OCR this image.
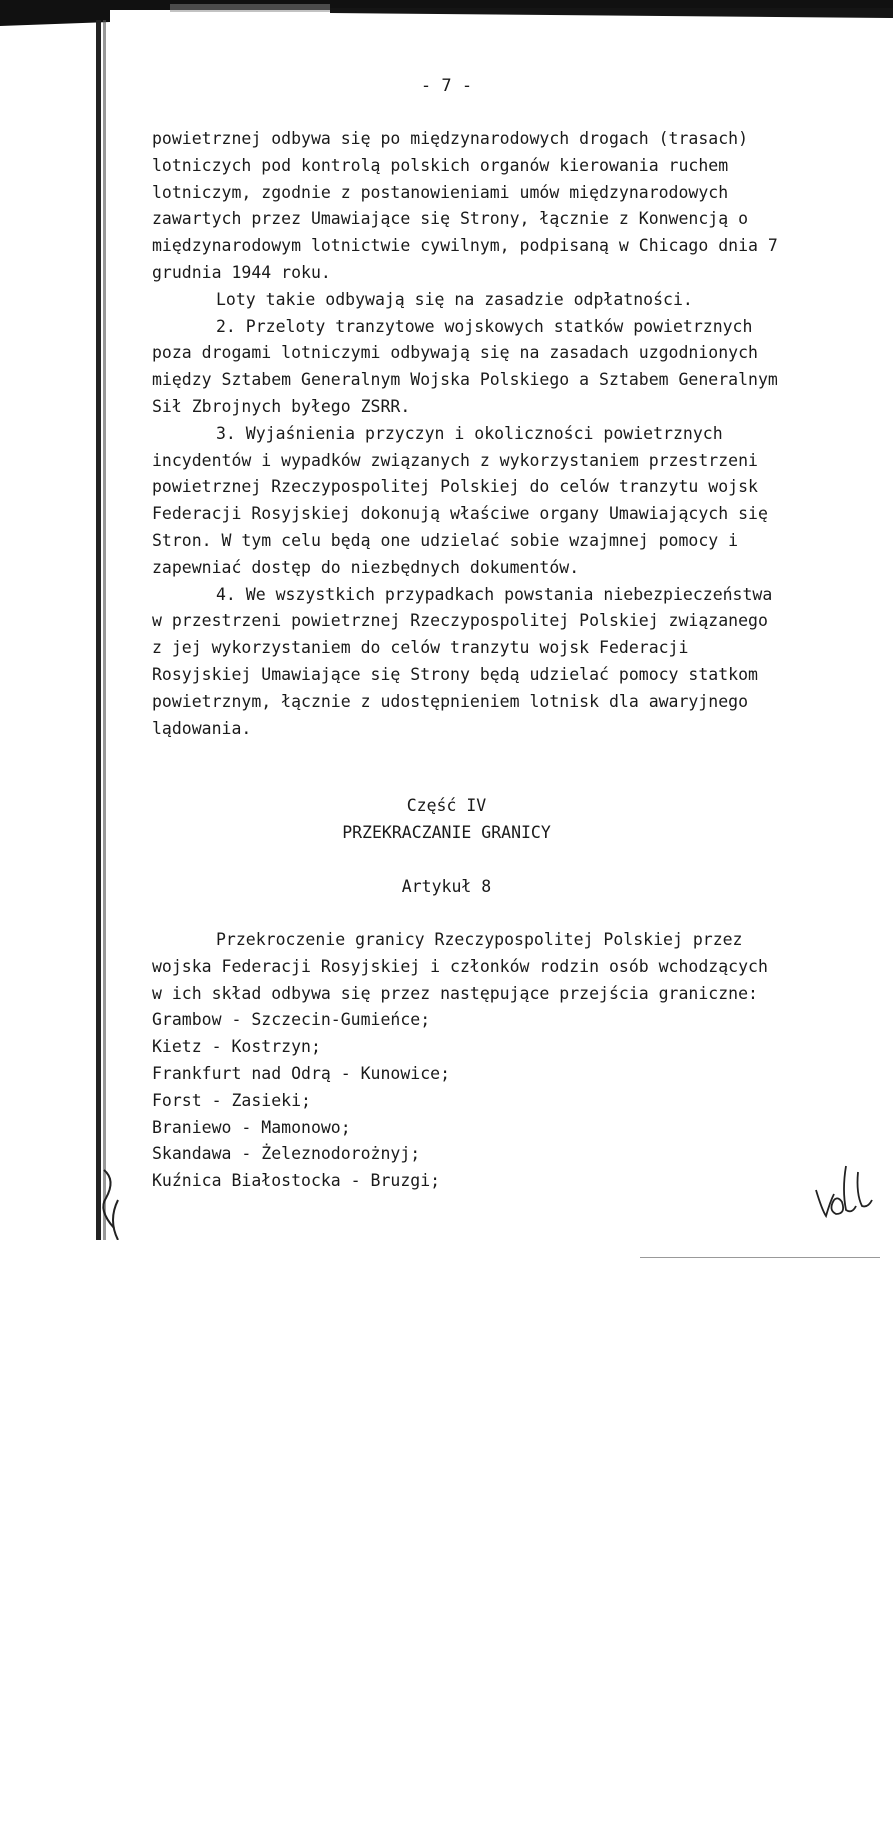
- 7 -
powietrznej odbywa się po międzynarodowych drogach (trasach)
lotniczych pod kontrolą polskich organów kierowania ruchem
lotniczym, zgodnie z postanowieniami umów międzynarodowych
zawartych przez Umawiające się Strony, łącznie z Konwencją o
międzynarodowym lotnictwie cywilnym, podpisaną w Chicago dnia 7
grudnia 1944 roku.
Loty takie odbywają się na zasadzie odpłatności.
2. Przeloty tranzytowe wojskowych statków powietrznych
poza drogami lotniczymi odbywają się na zasadach uzgodnionych
między Sztabem Generalnym Wojska Polskiego a Sztabem Generalnym
Sił Zbrojnych byłego ZSRR.
3. Wyjaśnienia przyczyn i okoliczności powietrznych
incydentów i wypadków związanych z wykorzystaniem przestrzeni
powietrznej Rzeczypospolitej Polskiej do celów tranzytu wojsk
Federacji Rosyjskiej dokonują właściwe organy Umawiających się
Stron. W tym celu będą one udzielać sobie wzajmnej pomocy i
zapewniać dostęp do niezbędnych dokumentów.
4. We wszystkich przypadkach powstania niebezpieczeństwa
w przestrzeni powietrznej Rzeczypospolitej Polskiej związanego
z jej wykorzystaniem do celów tranzytu wojsk Federacji
Rosyjskiej Umawiające się Strony będą udzielać pomocy statkom
powietrznym, łącznie z udostępnieniem lotnisk dla awaryjnego
lądowania.
Część IV
PRZEKRACZANIE GRANICY
Artykuł 8
Przekroczenie granicy Rzeczypospolitej Polskiej przez
wojska Federacji Rosyjskiej i członków rodzin osób wchodzących
w ich skład odbywa się przez następujące przejścia graniczne:
Grambow - Szczecin-Gumieńce;
Kietz - Kostrzyn;
Frankfurt nad Odrą - Kunowice;
Forst - Zasieki;
Braniewo - Mamonowo;
Skandawa - Żeleznodorożnyj;
Kuźnica Białostocka - Bruzgi;
